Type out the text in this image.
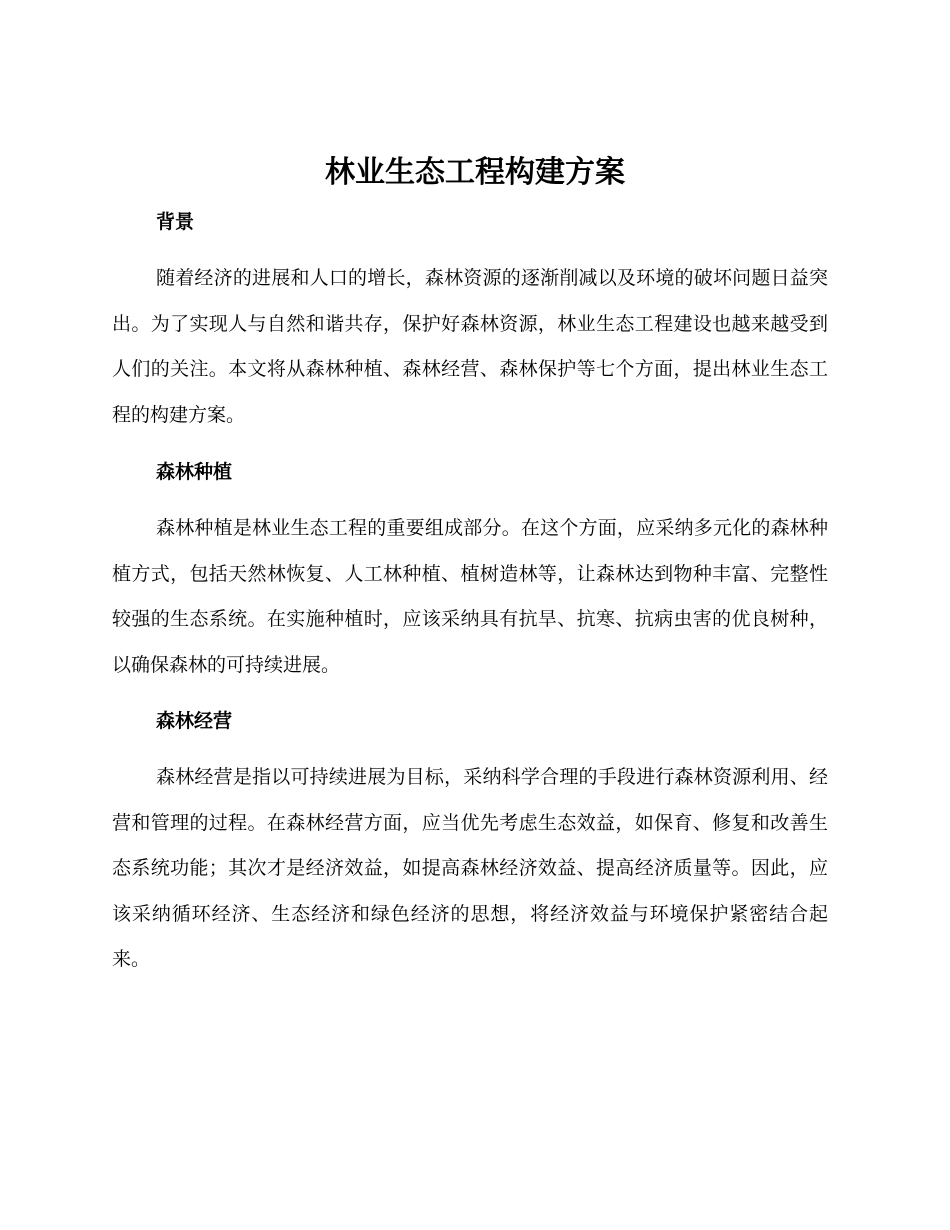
林业生态工程构建方案
背景

随着经济的进展和人口的增长，森林资源的逐渐削减以及环境的破坏问题日益突出。为了实现人与自然和谐共存，保护好森林资源，林业生态工程建设也越来越受到人们的关注。本文将从森林种植、森林经营、森林保护等七个方面，提出林业生态工程的构建方案。

森林种植

森林种植是林业生态工程的重要组成部分。在这个方面，应采纳多元化的森林种植方式，包括天然林恢复、人工林种植、植树造林等，让森林达到物种丰富、完整性较强的生态系统。在实施种植时，应该采纳具有抗旱、抗寒、抗病虫害的优良树种，以确保森林的可持续进展。

森林经营

森林经营是指以可持续进展为目标，采纳科学合理的手段进行森林资源利用、经营和管理的过程。在森林经营方面，应当优先考虑生态效益，如保育、修复和改善生态系统功能；其次才是经济效益，如提高森林经济效益、提高经济质量等。因此，应该采纳循环经济、生态经济和绿色经济的思想，将经济效益与环境保护紧密结合起来。
